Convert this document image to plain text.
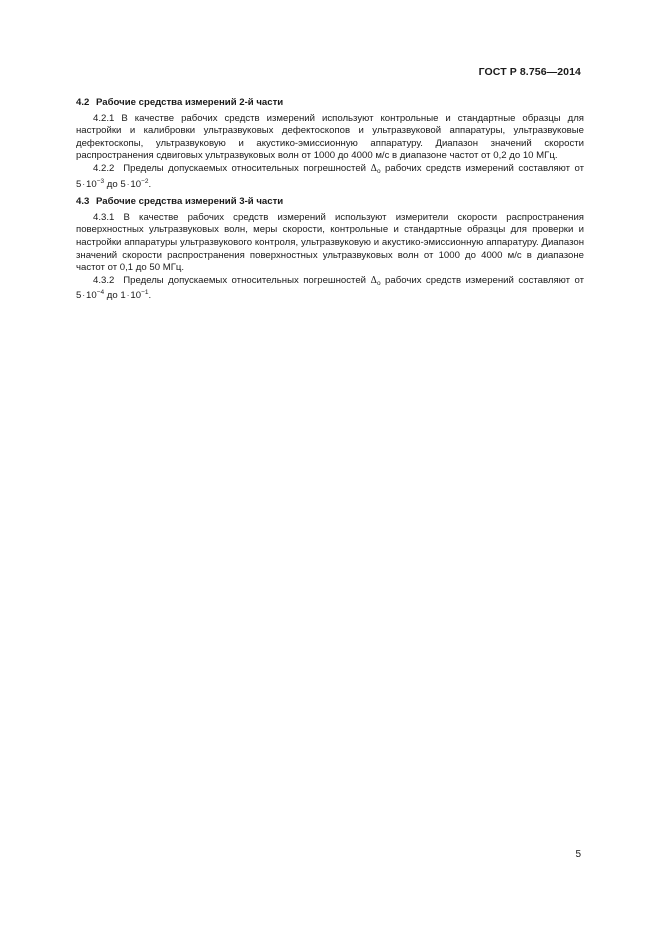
ГОСТ Р 8.756—2014

4.2 Рабочие средства измерений 2-й части

4.2.1 В качестве рабочих средств измерений используют контрольные и стандартные образцы для настройки и калибровки ультразвуковых дефектоскопов и ультразвуковой аппаратуры, ультразвуковые дефектоскопы, ультразвуковую и акустико-эмиссионную аппаратуру. Диапазон значений скорости распространения сдвиговых ультразвуковых волн от 1000 до 4000 м/с в диапазоне частот от 0,2 до 10 МГц.

4.2.2 Пределы допускаемых относительных погрешностей $\Delta_о$ рабочих средств измерений составляют от $5\cdot 10^{-3}$ до $5\cdot 10^{-2}$.

4.3 Рабочие средства измерений 3-й части

4.3.1 В качестве рабочих средств измерений используют измерители скорости распространения поверхностных ультразвуковых волн, меры скорости, контрольные и стандартные образцы для проверки и настройки аппаратуры ультразвукового контроля, ультразвуковую и акустико-эмиссионную аппаратуру. Диапазон значений скорости распространения поверхностных ультразвуковых волн от 1000 до 4000 м/с в диапазоне частот от 0,1 до 50 МГц.

4.3.2 Пределы допускаемых относительных погрешностей $\Delta_о$ рабочих средств измерений составляют от $5\cdot 10^{-4}$ до $1\cdot 10^{-1}$.

5
